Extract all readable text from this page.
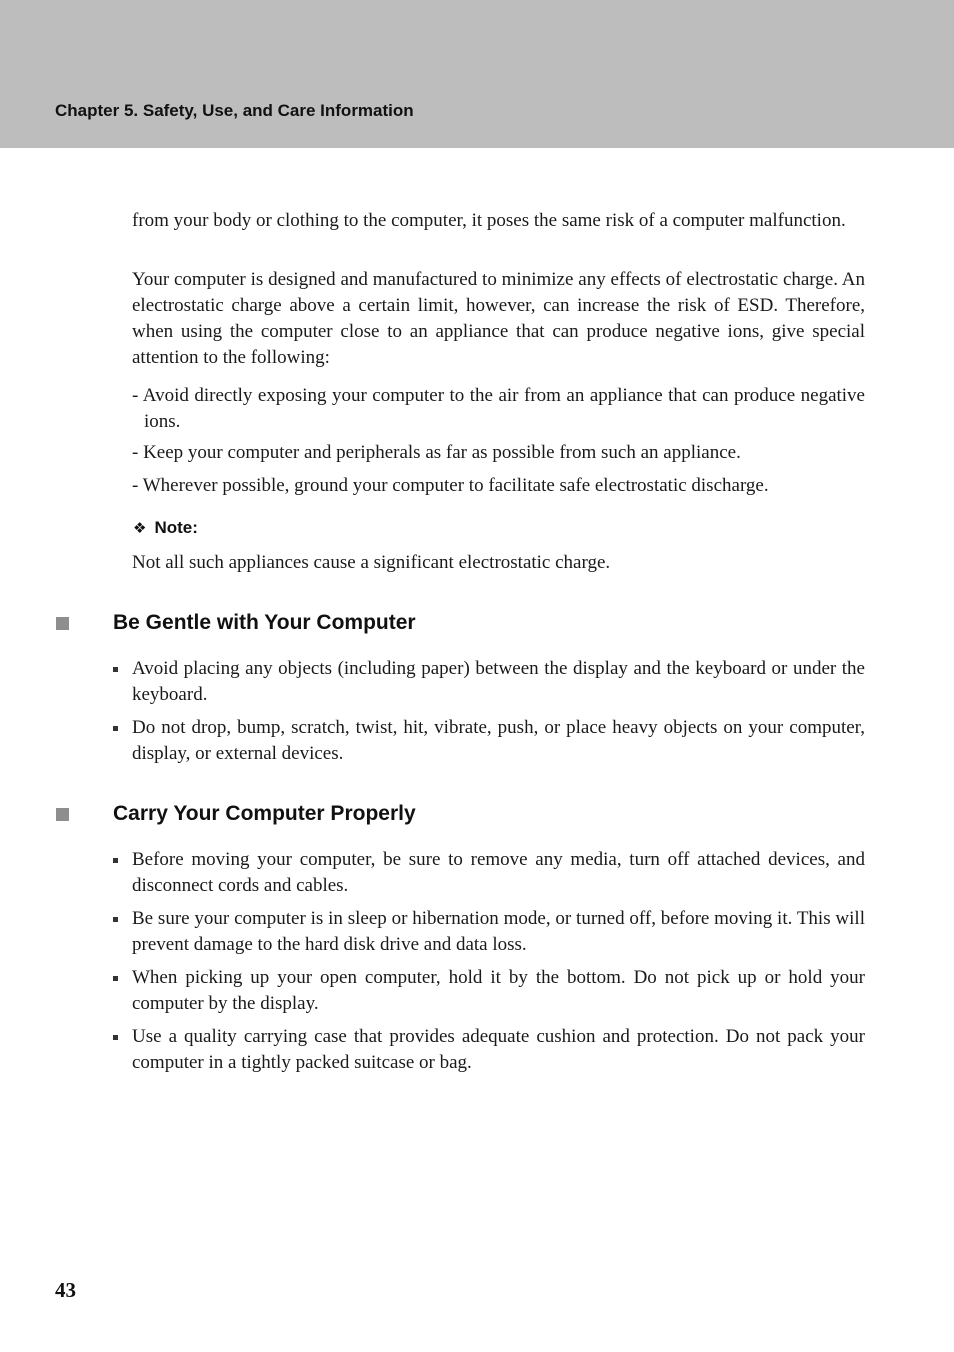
Chapter 5. Safety, Use, and Care Information

from your body or clothing to the computer, it poses the same risk of a computer malfunction.

Your computer is designed and manufactured to minimize any effects of electrostatic charge. An electrostatic charge above a certain limit, however, can increase the risk of ESD. Therefore, when using the computer close to an appliance that can produce negative ions, give special attention to the following:

- Avoid directly exposing your computer to the air from an appliance that can produce negative ions.

- Keep your computer and peripherals as far as possible from such an appliance.

- Wherever possible, ground your computer to facilitate safe electrostatic discharge.

❖ Note:

Not all such appliances cause a significant electrostatic charge.

Be Gentle with Your Computer
Avoid placing any objects (including paper) between the display and the keyboard or under the keyboard.
Do not drop, bump, scratch, twist, hit, vibrate, push, or place heavy objects on your computer, display, or external devices.
Carry Your Computer Properly
Before moving your computer, be sure to remove any media, turn off attached devices, and disconnect cords and cables.
Be sure your computer is in sleep or hibernation mode, or turned off, before moving it. This will prevent damage to the hard disk drive and data loss.
When picking up your open computer, hold it by the bottom. Do not pick up or hold your computer by the display.
Use a quality carrying case that provides adequate cushion and protection. Do not pack your computer in a tightly packed suitcase or bag.
43
